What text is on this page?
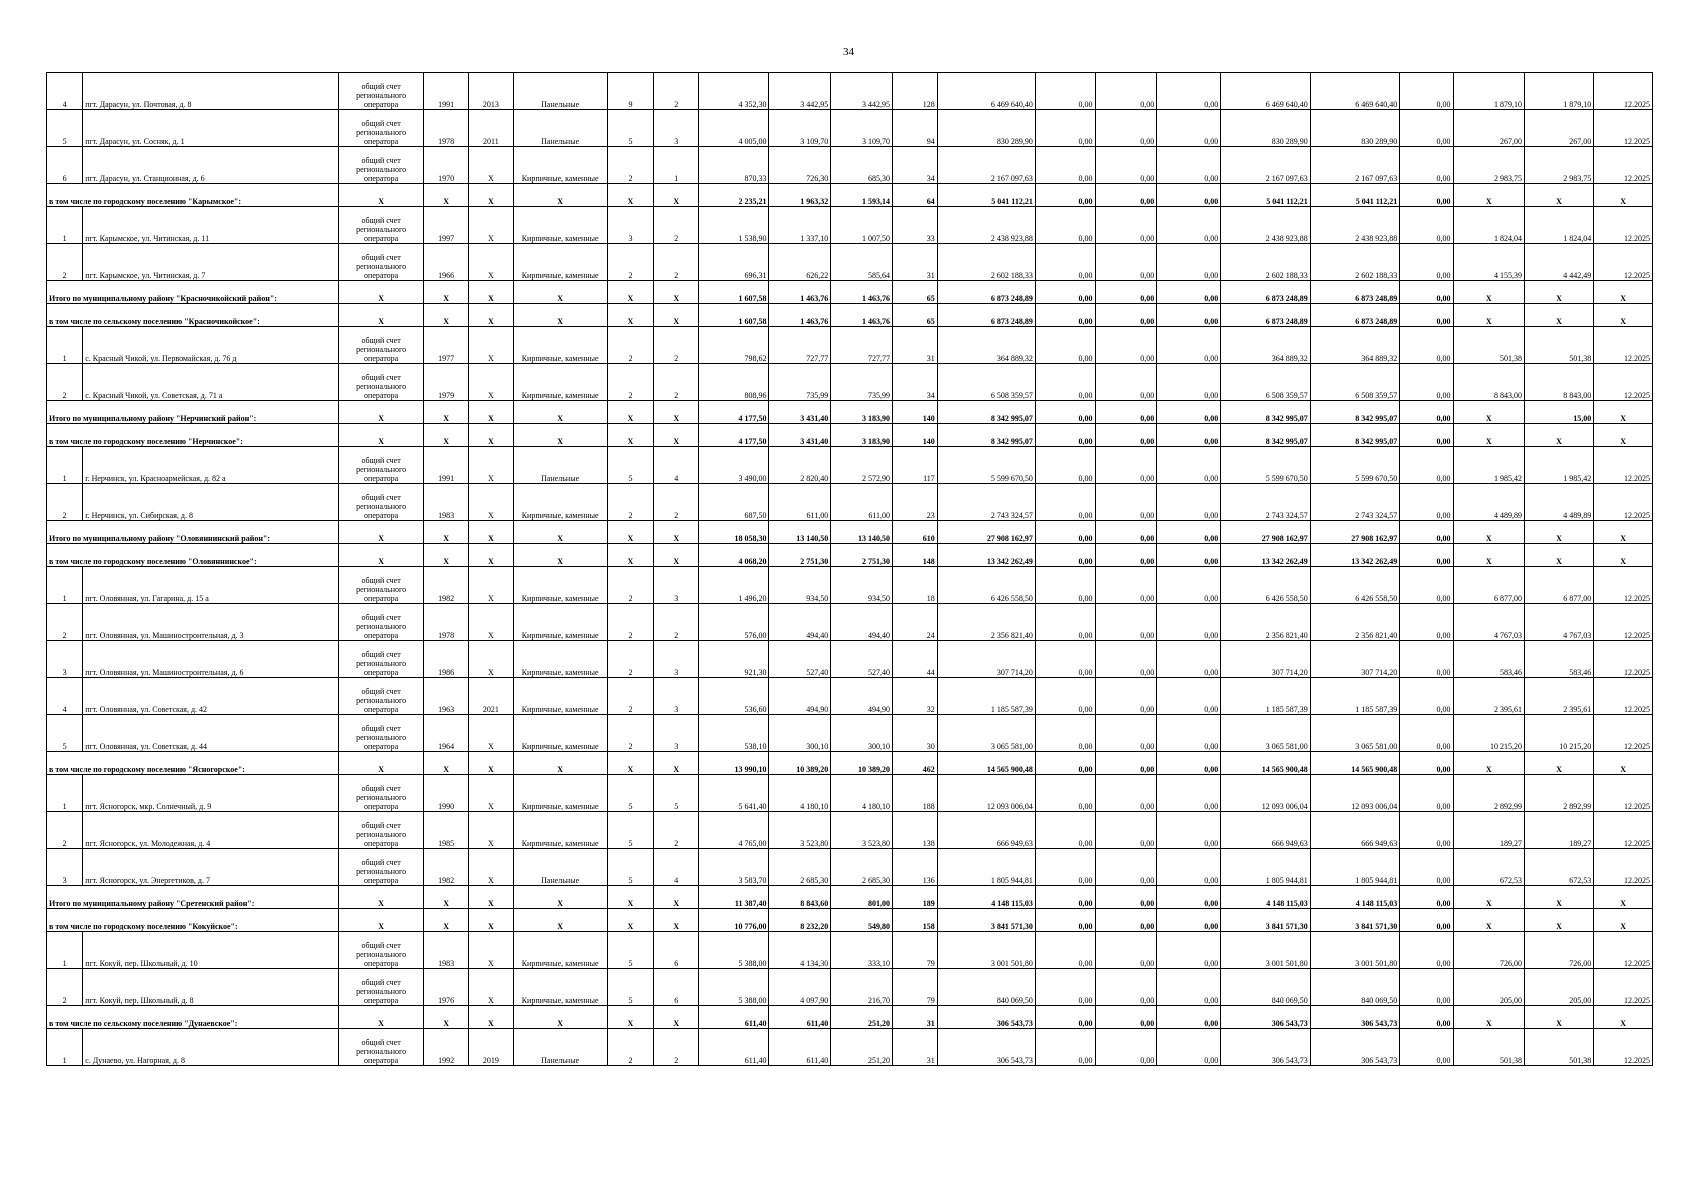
34
4	пгт. Дарасун, ул. Почтовая, д. 8	общий счет регионального оператора	1991	2013	Панельные	9	2	4 352,30	3 442,95	3 442,95	128	6 469 640,40	0,00	0,00	0,00	6 469 640,40	6 469 640,40	0,00	1 879,10	1 879,10	12.2025
5	пгт. Дарасун, ул. Сосняк, д. 1	общий счет регионального оператора	1978	2011	Панельные	5	3	4 005,00	3 109,70	3 109,70	94	830 289,90	0,00	0,00	0,00	830 289,90	830 289,90	0,00	267,00	267,00	12.2025
6	пгт. Дарасун, ул. Станционная, д. 6	общий счет регионального оператора	1970	X	Кирпичные, каменные	2	1	870,33	726,30	685,30	34	2 167 097,63	0,00	0,00	0,00	2 167 097,63	2 167 097,63	0,00	2 983,75	2 983,75	12.2025
в том числе по городскому поселению "Карымское":		X	X	X	X	X	X	2 235,21	1 963,32	1 593,14	64	5 041 112,21	0,00	0,00	0,00	5 041 112,21	5 041 112,21	0,00	X	X	X
1	пгт. Карымское, ул. Читинская, д. 11	общий счет регионального оператора	1997	X	Кирпичные, каменные	3	2	1 538,90	1 337,10	1 007,50	33	2 438 923,88	0,00	0,00	0,00	2 438 923,88	2 438 923,88	0,00	1 824,04	1 824,04	12.2025
2	пгт. Карымское, ул. Читинская, д. 7	общий счет регионального оператора	1966	X	Кирпичные, каменные	2	2	696,31	626,22	585,64	31	2 602 188,33	0,00	0,00	0,00	2 602 188,33	2 602 188,33	0,00	4 155,39	4 442,49	12.2025
Итого по муниципальному району "Красночикойский район":		X	X	X	X	X	X	1 607,58	1 463,76	1 463,76	65	6 873 248,89	0,00	0,00	0,00	6 873 248,89	6 873 248,89	0,00	X	X	X
в том числе по сельскому поселению "Красночикойское":		X	X	X	X	X	X	1 607,58	1 463,76	1 463,76	65	6 873 248,89	0,00	0,00	0,00	6 873 248,89	6 873 248,89	0,00	X	X	X
1	с. Красный Чикой, ул. Первомайская, д. 76 д	общий счет регионального оператора	1977	X	Кирпичные, каменные	2	2	798,62	727,77	727,77	31	364 889,32	0,00	0,00	0,00	364 889,32	364 889,32	0,00	501,38	501,38	12.2025
2	с. Красный Чикой, ул. Советская, д. 71 а	общий счет регионального оператора	1979	X	Кирпичные, каменные	2	2	808,96	735,99	735,99	34	6 508 359,57	0,00	0,00	0,00	6 508 359,57	6 508 359,57	0,00	8 843,00	8 843,00	12.2025
Итого по муниципальному району "Нерчинский район":		X	X	X	X	X	X	4 177,50	3 431,40	3 183,90	140	8 342 995,07	0,00	0,00	0,00	8 342 995,07	8 342 995,07	0,00	X	15,00	X
в том числе по городскому поселению "Нерчинское":		X	X	X	X	X	X	4 177,50	3 431,40	3 183,90	140	8 342 995,07	0,00	0,00	0,00	8 342 995,07	8 342 995,07	0,00	X	X	X
1	г. Нерчинск, ул. Красноармейская, д. 82 а	общий счет регионального оператора	1991	X	Панельные	5	4	3 490,00	2 820,40	2 572,90	117	5 599 670,50	0,00	0,00	0,00	5 599 670,50	5 599 670,50	0,00	1 985,42	1 985,42	12.2025
2	г. Нерчинск, ул. Сибирская, д. 8	общий счет регионального оператора	1983	X	Кирпичные, каменные	2	2	687,50	611,00	611,00	23	2 743 324,57	0,00	0,00	0,00	2 743 324,57	2 743 324,57	0,00	4 489,89	4 489,89	12.2025
Итого по муниципальному району "Оловяннинский район":		X	X	X	X	X	X	18 058,30	13 140,50	13 140,50	610	27 908 162,97	0,00	0,00	0,00	27 908 162,97	27 908 162,97	0,00	X	X	X
в том числе по городскому поселению "Оловяннинское":		X	X	X	X	X	X	4 068,20	2 751,30	2 751,30	148	13 342 262,49	0,00	0,00	0,00	13 342 262,49	13 342 262,49	0,00	X	X	X
1	пгт. Оловянная, ул. Гагарина, д. 15 а	общий счет регионального оператора	1982	X	Кирпичные, каменные	2	3	1 496,20	934,50	934,50	18	6 426 558,50	0,00	0,00	0,00	6 426 558,50	6 426 558,50	0,00	6 877,00	6 877,00	12.2025
2	пгт. Оловянная, ул. Машиностроительная, д. 3	общий счет регионального оператора	1978	X	Кирпичные, каменные	2	2	576,00	494,40	494,40	24	2 356 821,40	0,00	0,00	0,00	2 356 821,40	2 356 821,40	0,00	4 767,03	4 767,03	12.2025
3	пгт. Оловянная, ул. Машиностроительная, д. 6	общий счет регионального оператора	1986	X	Кирпичные, каменные	2	3	921,30	527,40	527,40	44	307 714,20	0,00	0,00	0,00	307 714,20	307 714,20	0,00	583,46	583,46	12.2025
4	пгт. Оловянная, ул. Советская, д. 42	общий счет регионального оператора	1963	2021	Кирпичные, каменные	2	3	536,60	494,90	494,90	32	1 185 587,39	0,00	0,00	0,00	1 185 587,39	1 185 587,39	0,00	2 395,61	2 395,61	12.2025
5	пгт. Оловянная, ул. Советская, д. 44	общий счет регионального оператора	1964	X	Кирпичные, каменные	2	3	538,10	300,10	300,10	30	3 065 581,00	0,00	0,00	0,00	3 065 581,00	3 065 581,00	0,00	10 215,20	10 215,20	12.2025
в том числе по городскому поселению "Ясногорское":		X	X	X	X	X	X	13 990,10	10 389,20	10 389,20	462	14 565 900,48	0,00	0,00	0,00	14 565 900,48	14 565 900,48	0,00	X	X	X
1	пгт. Ясногорск, мкр. Солнечный, д. 9	общий счет регионального оператора	1990	X	Кирпичные, каменные	5	5	5 641,40	4 180,10	4 180,10	188	12 093 006,04	0,00	0,00	0,00	12 093 006,04	12 093 006,04	0,00	2 892,99	2 892,99	12.2025
2	пгт. Ясногорск, ул. Молодежная, д. 4	общий счет регионального оператора	1985	X	Кирпичные, каменные	5	2	4 765,00	3 523,80	3 523,80	138	666 949,63	0,00	0,00	0,00	666 949,63	666 949,63	0,00	189,27	189,27	12.2025
3	пгт. Ясногорск, ул. Энергетиков, д. 7	общий счет регионального оператора	1982	X	Панельные	5	4	3 583,70	2 685,30	2 685,30	136	1 805 944,81	0,00	0,00	0,00	1 805 944,81	1 805 944,81	0,00	672,53	672,53	12.2025
Итого по муниципальному району "Сретенский район":		X	X	X	X	X	X	11 387,40	8 843,60	801,00	189	4 148 115,03	0,00	0,00	0,00	4 148 115,03	4 148 115,03	0,00	X	X	X
в том числе по городскому поселению "Кокуйское":		X	X	X	X	X	X	10 776,00	8 232,20	549,80	158	3 841 571,30	0,00	0,00	0,00	3 841 571,30	3 841 571,30	0,00	X	X	X
1	пгт. Кокуй, пер. Школьный, д. 10	общий счет регионального оператора	1983	X	Кирпичные, каменные	5	6	5 388,00	4 134,30	333,10	79	3 001 501,80	0,00	0,00	0,00	3 001 501,80	3 001 501,80	0,00	726,00	726,00	12.2025
2	пгт. Кокуй, пер. Школьный, д. 8	общий счет регионального оператора	1976	X	Кирпичные, каменные	5	6	5 388,00	4 097,90	216,70	79	840 069,50	0,00	0,00	0,00	840 069,50	840 069,50	0,00	205,00	205,00	12.2025
в том числе по сельскому поселению "Дунаевское":		X	X	X	X	X	X	611,40	611,40	251,20	31	306 543,73	0,00	0,00	0,00	306 543,73	306 543,73	0,00	X	X	X
1	с. Дунаево, ул. Нагорная, д. 8	общий счет регионального оператора	1992	2019	Панельные	2	2	611,40	611,40	251,20	31	306 543,73	0,00	0,00	0,00	306 543,73	306 543,73	0,00	501,38	501,38	12.2025
